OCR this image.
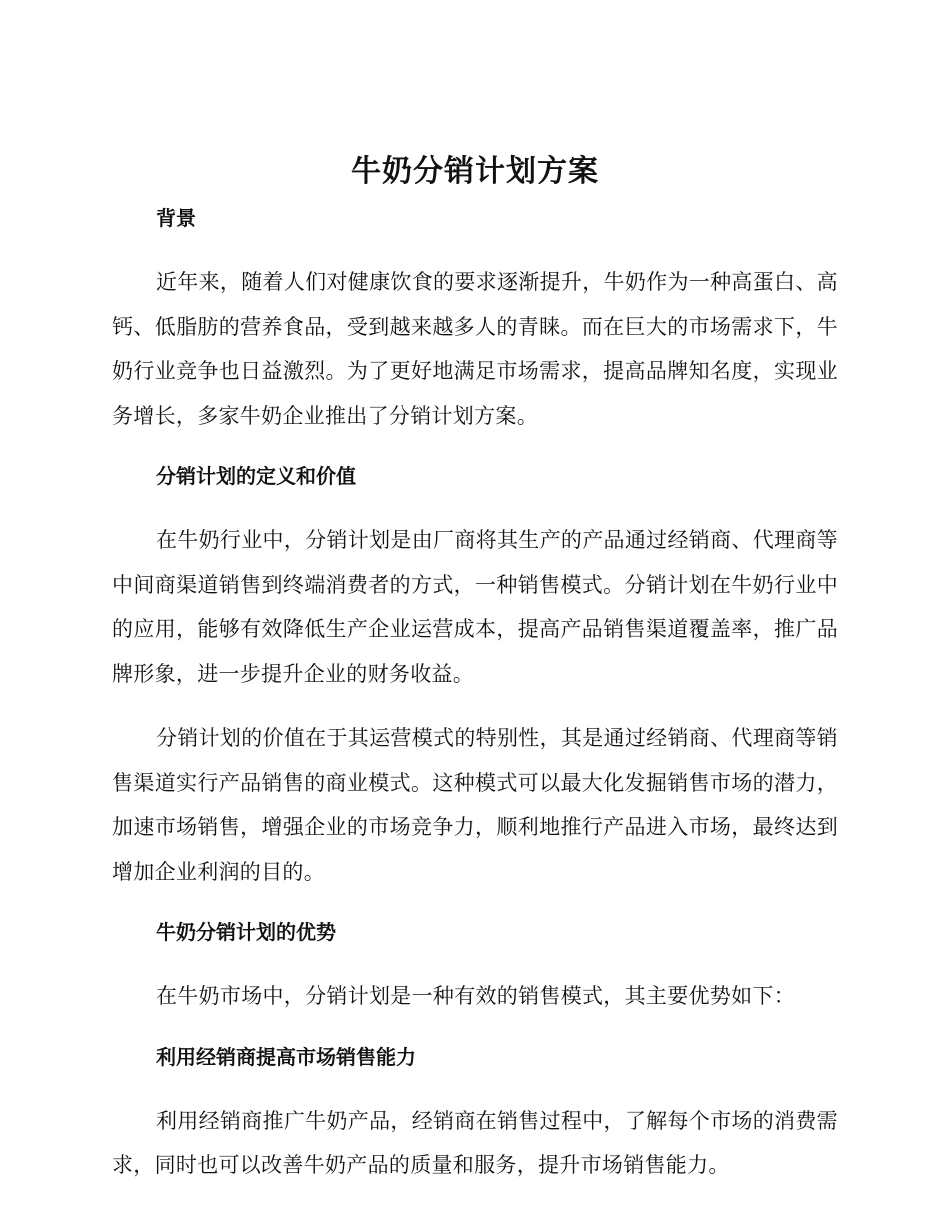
牛奶分销计划方案
背景

近年来，随着人们对健康饮食的要求逐渐提升，牛奶作为一种高蛋白、高钙、低脂肪的营养食品，受到越来越多人的青睐。而在巨大的市场需求下，牛奶行业竞争也日益激烈。为了更好地满足市场需求，提高品牌知名度，实现业务增长，多家牛奶企业推出了分销计划方案。

分销计划的定义和价值

在牛奶行业中，分销计划是由厂商将其生产的产品通过经销商、代理商等中间商渠道销售到终端消费者的方式，一种销售模式。分销计划在牛奶行业中的应用，能够有效降低生产企业运营成本，提高产品销售渠道覆盖率，推广品牌形象，进一步提升企业的财务收益。

分销计划的价值在于其运营模式的特别性，其是通过经销商、代理商等销售渠道实行产品销售的商业模式。这种模式可以最大化发掘销售市场的潜力，加速市场销售，增强企业的市场竞争力，顺利地推行产品进入市场，最终达到增加企业利润的目的。

牛奶分销计划的优势

在牛奶市场中，分销计划是一种有效的销售模式，其主要优势如下：

利用经销商提高市场销售能力

利用经销商推广牛奶产品，经销商在销售过程中，了解每个市场的消费需求，同时也可以改善牛奶产品的质量和服务，提升市场销售能力。
